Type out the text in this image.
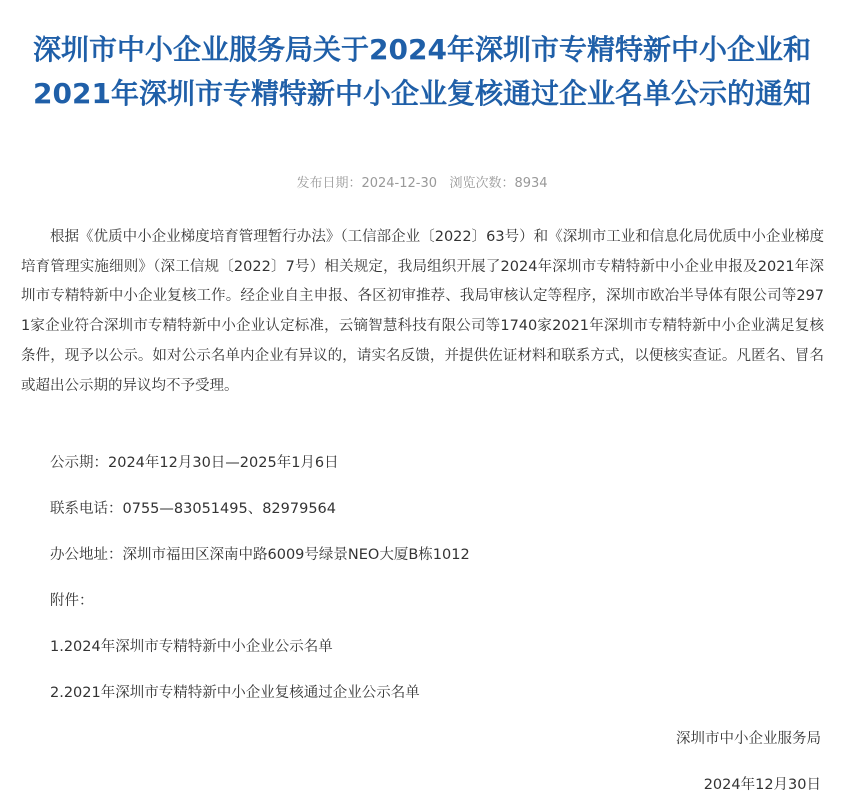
深圳市中小企业服务局关于2024年深圳市专精特新中小企业和2021年深圳市专精特新中小企业复核通过企业名单公示的通知
发布日期：2024-12-30 浏览次数：8934

根据《优质中小企业梯度培育管理暂行办法》（工信部企业〔2022〕63号）和《深圳市工业和信息化局优质中小企业梯度培育管理实施细则》（深工信规〔2022〕7号）相关规定，我局组织开展了2024年深圳市专精特新中小企业申报及2021年深圳市专精特新中小企业复核工作。经企业自主申报、各区初审推荐、我局审核认定等程序，深圳市欧冶半导体有限公司等2971家企业符合深圳市专精特新中小企业认定标准，云镝智慧科技有限公司等1740家2021年深圳市专精特新中小企业满足复核条件，现予以公示。如对公示名单内企业有异议的，请实名反馈，并提供佐证材料和联系方式，以便核实查证。凡匿名、冒名或超出公示期的异议均不予受理。

公示期：2024年12月30日—2025年1月6日
联系电话：0755—83051495、82979564
办公地址：深圳市福田区深南中路6009号绿景NEO大厦B栋1012
附件：
1.2024年深圳市专精特新中小企业公示名单
2.2021年深圳市专精特新中小企业复核通过企业公示名单
深圳市中小企业服务局
2024年12月30日
